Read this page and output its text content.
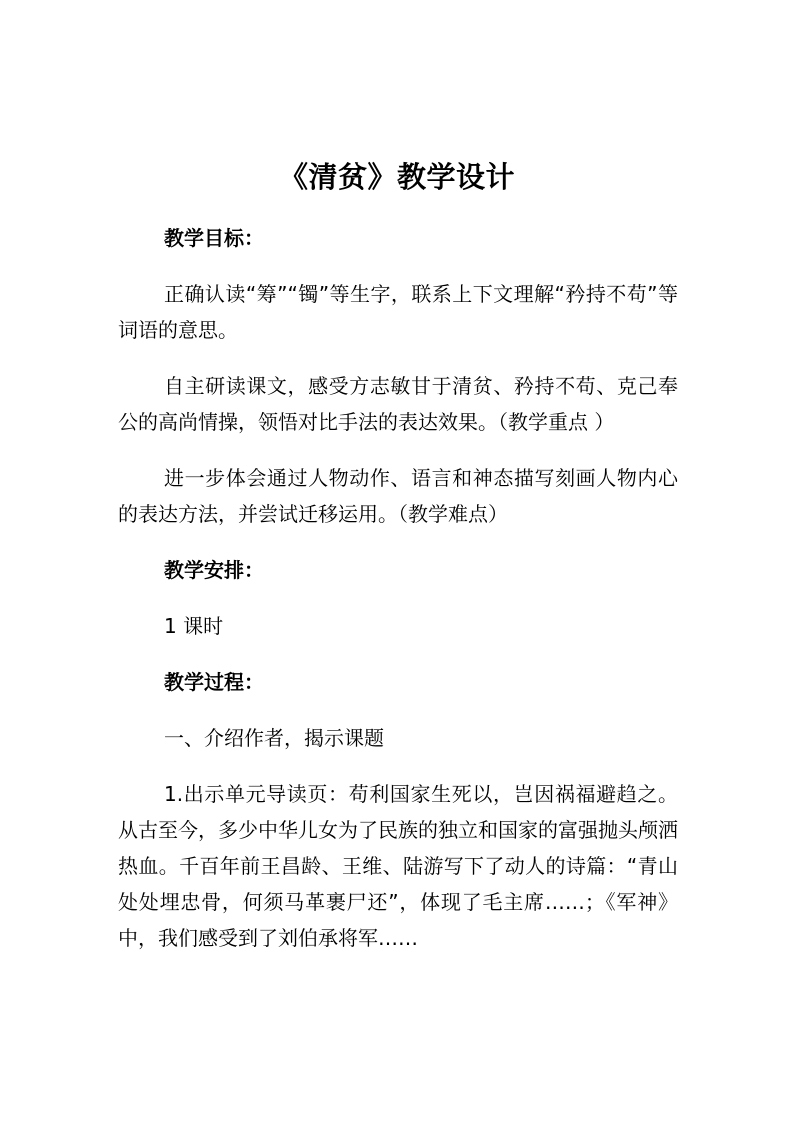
《清贫》教学设计

教学目标：

正确认读“筹”“镯”等生字，联系上下文理解“矜持不苟”等词语的意思。

自主研读课文，感受方志敏甘于清贫、矜持不苟、克己奉公的高尚情操，领悟对比手法的表达效果。（教学重点 ）

进一步体会通过人物动作、语言和神态描写刻画人物内心的表达方法，并尝试迁移运用。（教学难点）

教学安排：

1 课时

教学过程：

一、介绍作者，揭示课题

1.出示单元导读页：苟利国家生死以，岂因祸福避趋之。从古至今，多少中华儿女为了民族的独立和国家的富强抛头颅洒热血。千百年前王昌龄、王维、陆游写下了动人的诗篇：“青山处处埋忠骨，何须马革裹尸还”，体现了毛主席……；《军神》中，我们感受到了刘伯承将军……
